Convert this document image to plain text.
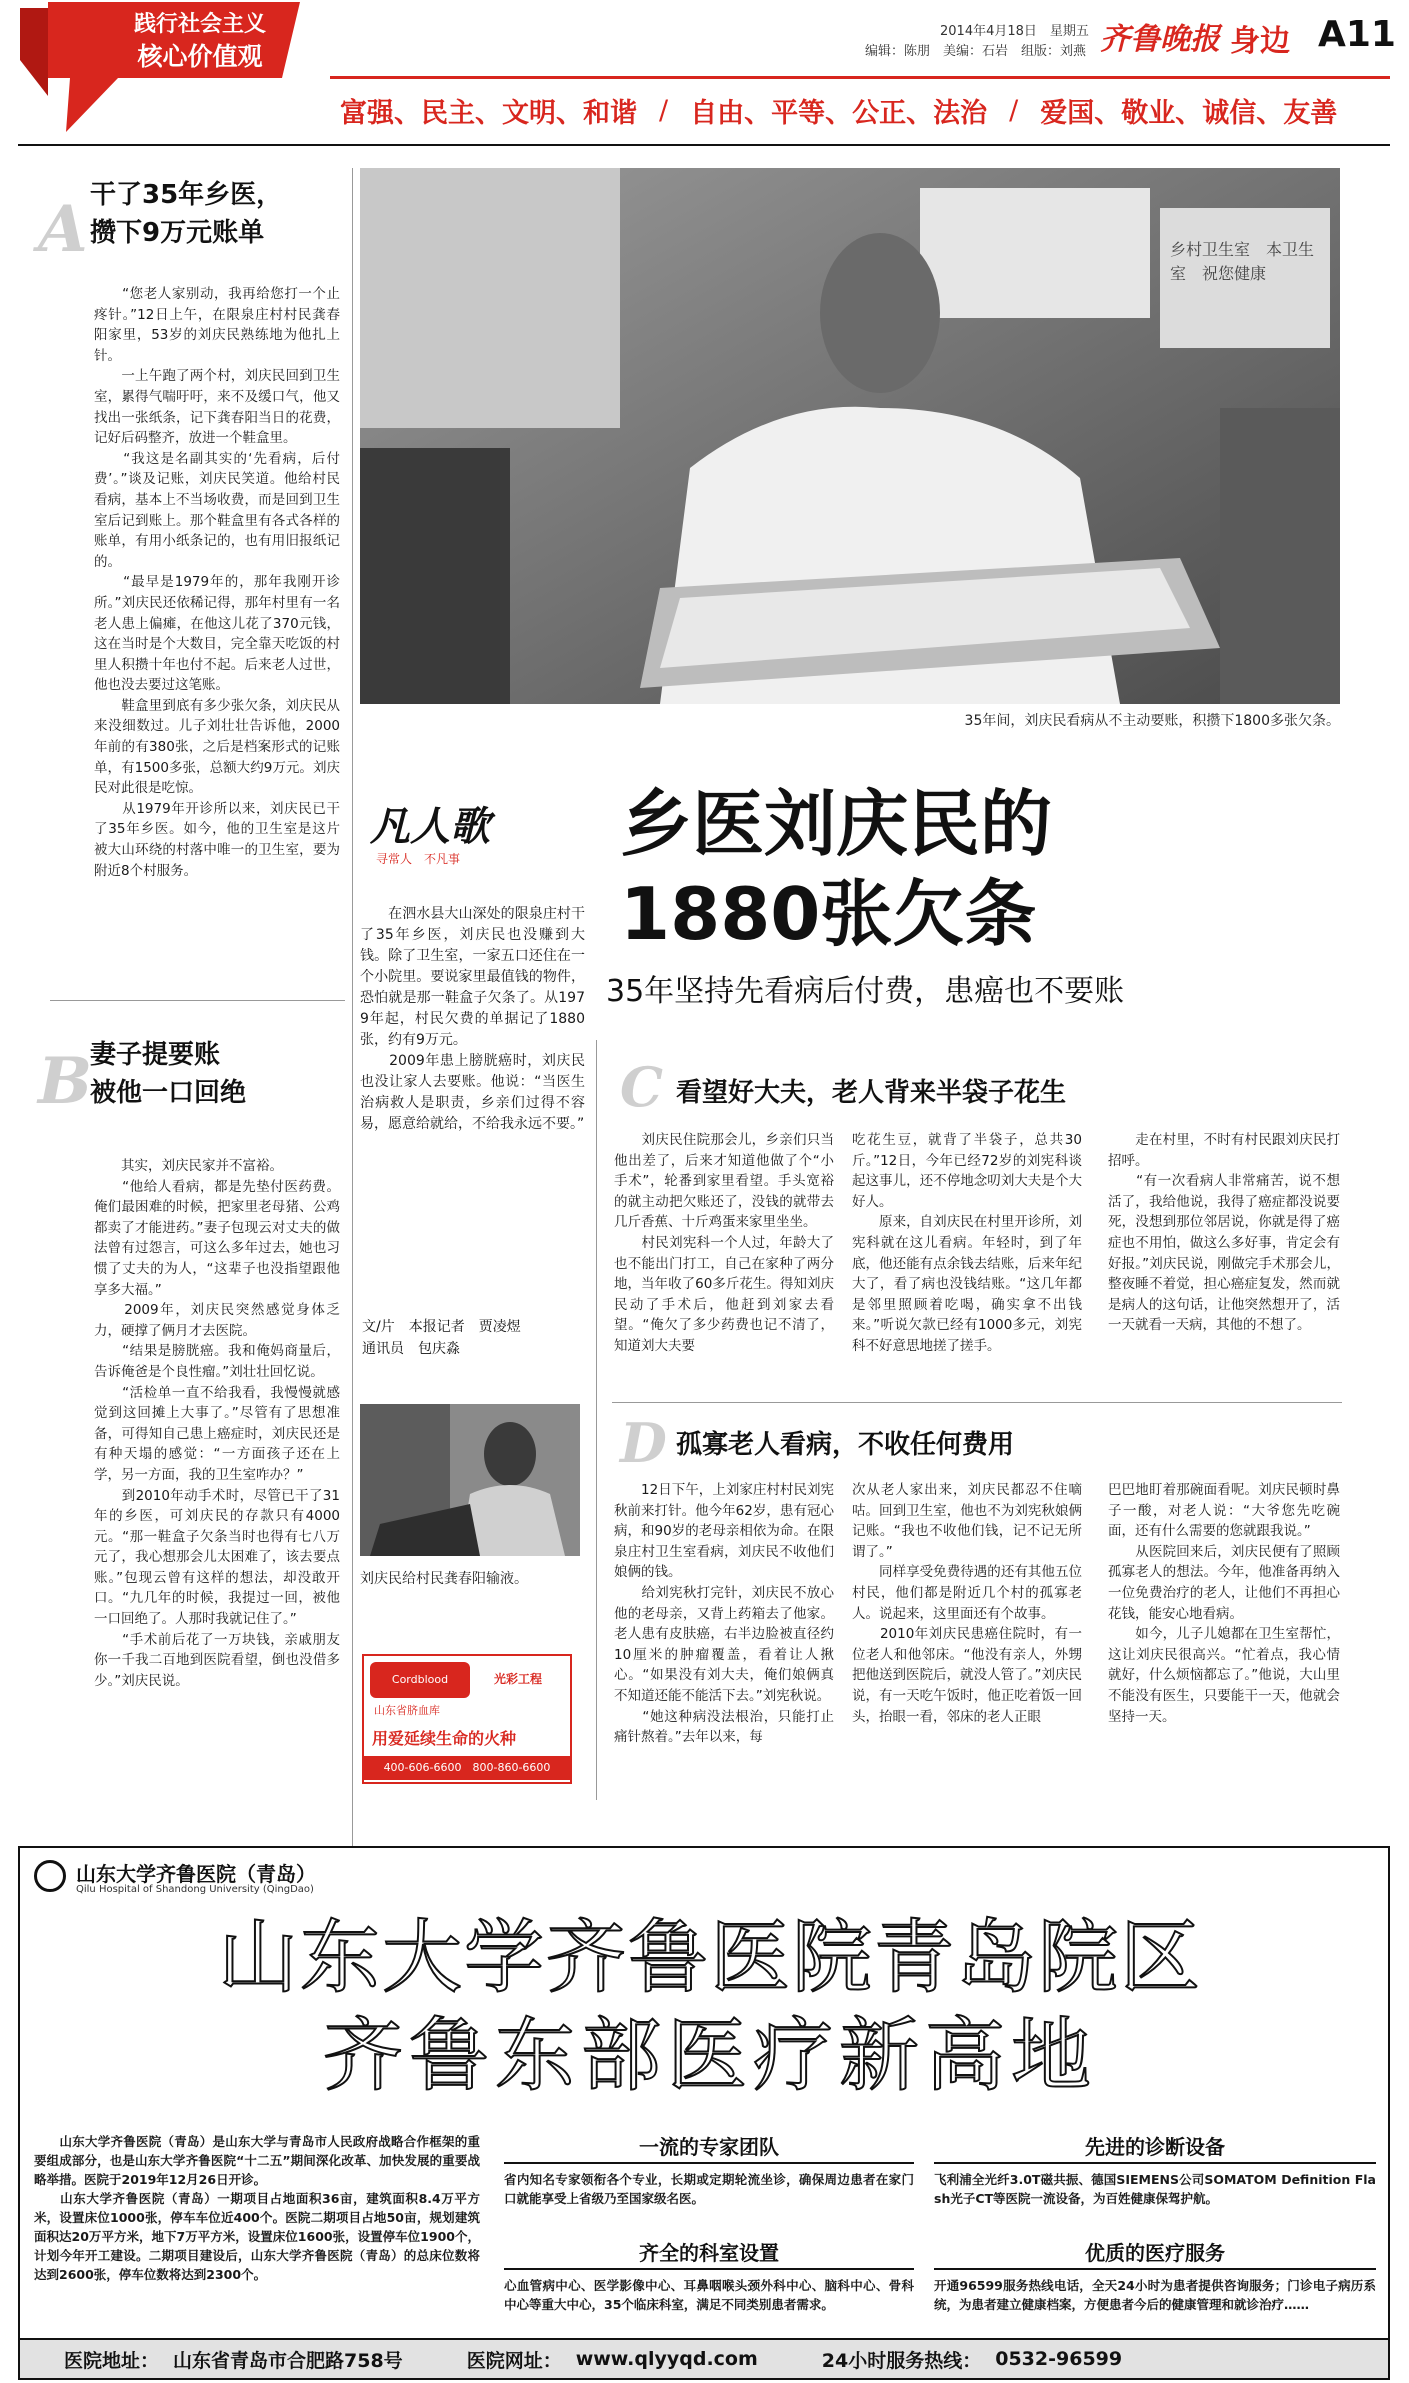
践行社会主义
核心价值观
2014年4月18日　星期五
编辑：陈朋　美编：石岩　组版：刘燕 齐鲁晚报 身边 A11
富强、民主、文明、和谐 / 自由、平等、公正、法治 / 爱国、敬业、诚信、友善
A 干了35年乡医，
攒下9万元账单
　　“您老人家别动，我再给您打一个止疼针。”12日上午，在限泉庄村村民龚春阳家里，53岁的刘庆民熟练地为他扎上针。
　　一上午跑了两个村，刘庆民回到卫生室，累得气喘吁吁，来不及缓口气，他又找出一张纸条，记下龚春阳当日的花费，记好后码整齐，放进一个鞋盒里。
　　“我这是名副其实的‘先看病，后付费’。”谈及记账，刘庆民笑道。他给村民看病，基本上不当场收费，而是回到卫生室后记到账上。那个鞋盒里有各式各样的账单，有用小纸条记的，也有用旧报纸记的。
　　“最早是1979年的，那年我刚开诊所。”刘庆民还依稀记得，那年村里有一名老人患上偏瘫，在他这儿花了370元钱，这在当时是个大数目，完全靠天吃饭的村里人积攒十年也付不起。后来老人过世，他也没去要过这笔账。
　　鞋盒里到底有多少张欠条，刘庆民从来没细数过。儿子刘壮壮告诉他，2000年前的有380张，之后是档案形式的记账单，有1500多张，总额大约9万元。刘庆民对此很是吃惊。
　　从1979年开诊所以来，刘庆民已干了35年乡医。如今，他的卫生室是这片被大山环绕的村落中唯一的卫生室，要为附近8个村服务。
B
妻子提要账
被他一口回绝
　　其实，刘庆民家并不富裕。
　　“他给人看病，都是先垫付医药费。俺们最困难的时候，把家里老母猪、公鸡都卖了才能进药。”妻子包现云对丈夫的做法曾有过怨言，可这么多年过去，她也习惯了丈夫的为人，“这辈子也没指望跟他享多大福。”
　　2009年，刘庆民突然感觉身体乏力，硬撑了俩月才去医院。
　　“结果是膀胱癌。我和俺妈商量后，告诉俺爸是个良性瘤。”刘壮壮回忆说。
　　“活检单一直不给我看，我慢慢就感觉到这回摊上大事了。”尽管有了思想准备，可得知自己患上癌症时，刘庆民还是有种天塌的感觉：“一方面孩子还在上学，另一方面，我的卫生室咋办？”
　　到2010年动手术时，尽管已干了31年的乡医，可刘庆民的存款只有4000元。“那一鞋盒子欠条当时也得有七八万元了，我心想那会儿太困难了，该去要点账。”包现云曾有这样的想法，却没敢开口。“九几年的时候，我提过一回，被他一口回绝了。人那时我就记住了。”
　　“手术前后花了一万块钱，亲戚朋友你一千我二百地到医院看望，倒也没借多少。”刘庆民说。
乡村卫生室　本卫生室　祝您健康
35年间，刘庆民看病从不主动要账，积攒下1800多张欠条。
乡医刘庆民的
1880张欠条
35年坚持先看病后付费，患癌也不要账
凡人歌
寻常人　不凡事
　　在泗水县大山深处的限泉庄村干了35年乡医，刘庆民也没赚到大钱。除了卫生室，一家五口还住在一个小院里。要说家里最值钱的物件，恐怕就是那一鞋盒子欠条了。从1979年起，村民欠费的单据记了1880张，约有9万元。
　　2009年患上膀胱癌时，刘庆民也没让家人去要账。他说：“当医生治病救人是职责，乡亲们过得不容易，愿意给就给，不给我永远不要。”
文/片　本报记者　贾凌煜
通讯员　包庆淼
刘庆民给村民龚春阳输液。
Cordblood
山东省脐血库
光彩工程
用爱延续生命的火种
400-606-6600　800-860-6600
C 看望好大夫，老人背来半袋子花生
　　刘庆民住院那会儿，乡亲们只当他出差了，后来才知道他做了个“小手术”，轮番到家里看望。手头宽裕的就主动把欠账还了，没钱的就带去几斤香蕉、十斤鸡蛋来家里坐坐。
　　村民刘宪科一个人过，年龄大了也不能出门打工，自己在家种了两分地，当年收了60多斤花生。得知刘庆民动了手术后，他赶到刘家去看望。“俺欠了多少药费也记不清了，知道刘大夫要
吃花生豆，就背了半袋子，总共30斤。”12日，今年已经72岁的刘宪科谈起这事儿，还不停地念叨刘大夫是个大好人。
　　原来，自刘庆民在村里开诊所，刘宪科就在这儿看病。年轻时，到了年底，他还能有点余钱去结账，后来年纪大了，看了病也没钱结账。“这几年都是邻里照顾着吃喝，确实拿不出钱来。”听说欠款已经有1000多元，刘宪科不好意思地搓了搓手。
　　走在村里，不时有村民跟刘庆民打招呼。
　　“有一次看病人非常痛苦，说不想活了，我给他说，我得了癌症都没说要死，没想到那位邻居说，你就是得了癌症也不用怕，做这么多好事，肯定会有好报。”刘庆民说，刚做完手术那会儿，整夜睡不着觉，担心癌症复发，然而就是病人的这句话，让他突然想开了，活一天就看一天病，其他的不想了。
D 孤寡老人看病，不收任何费用
　　12日下午，上刘家庄村村民刘宪秋前来打针。他今年62岁，患有冠心病，和90岁的老母亲相依为命。在限泉庄村卫生室看病，刘庆民不收他们娘俩的钱。
　　给刘宪秋打完针，刘庆民不放心他的老母亲，又背上药箱去了他家。老人患有皮肤癌，右半边脸被直径约10厘米的肿瘤覆盖，看着让人揪心。“如果没有刘大夫，俺们娘俩真不知道还能不能活下去。”刘宪秋说。
　　“她这种病没法根治，只能打止痛针熬着。”去年以来，每
次从老人家出来，刘庆民都忍不住嘀咕。回到卫生室，他也不为刘宪秋娘俩记账。“我也不收他们钱，记不记无所谓了。”
　　同样享受免费待遇的还有其他五位村民，他们都是附近几个村的孤寡老人。说起来，这里面还有个故事。
　　2010年刘庆民患癌住院时，有一位老人和他邻床。“他没有亲人，外甥把他送到医院后，就没人管了。”刘庆民说，有一天吃午饭时，他正吃着饭一回头，抬眼一看，邻床的老人正眼
巴巴地盯着那碗面看呢。刘庆民顿时鼻子一酸，对老人说：“大爷您先吃碗面，还有什么需要的您就跟我说。”
　　从医院回来后，刘庆民便有了照顾孤寡老人的想法。今年，他准备再纳入一位免费治疗的老人，让他们不再担心花钱，能安心地看病。
　　如今，儿子儿媳都在卫生室帮忙，这让刘庆民很高兴。“忙着点，我心情就好，什么烦恼都忘了。”他说，大山里不能没有医生，只要能干一天，他就会坚持一天。
山东大学齐鲁医院（青岛）
Qilu Hospital of Shandong University (QingDao)
山东大学齐鲁医院青岛院区
齐鲁东部医疗新高地
　　山东大学齐鲁医院（青岛）是山东大学与青岛市人民政府战略合作框架的重要组成部分，也是山东大学齐鲁医院“十二五”期间深化改革、加快发展的重要战略举措。医院于2019年12月26日开诊。
　　山东大学齐鲁医院（青岛）一期项目占地面积36亩，建筑面积8.4万平方米，设置床位1000张，停车车位近400个。医院二期项目占地50亩，规划建筑面积达20万平方米，地下7万平方米，设置床位1600张，设置停车位1900个，计划今年开工建设。二期项目建设后，山东大学齐鲁医院（青岛）的总床位数将达到2600张，停车位数将达到2300个。
一流的专家团队
省内知名专家领衔各个专业，长期或定期轮流坐诊，确保周边患者在家门口就能享受上省级乃至国家级名医。
先进的诊断设备
飞利浦全光纤3.0T磁共振、德国SIEMENS公司SOMATOM Definition Flash光子CT等医院一流设备，为百姓健康保驾护航。
齐全的科室设置
心血管病中心、医学影像中心、耳鼻咽喉头颈外科中心、脑科中心、骨科中心等重大中心，35个临床科室，满足不同类别患者需求。
优质的医疗服务
开通96599服务热线电话，全天24小时为患者提供咨询服务；门诊电子病历系统，为患者建立健康档案，方便患者今后的健康管理和就诊治疗……
医院地址： 山东省青岛市合肥路758号	医院网址： www.qlyyqd.com	24小时服务热线： 0532-96599
